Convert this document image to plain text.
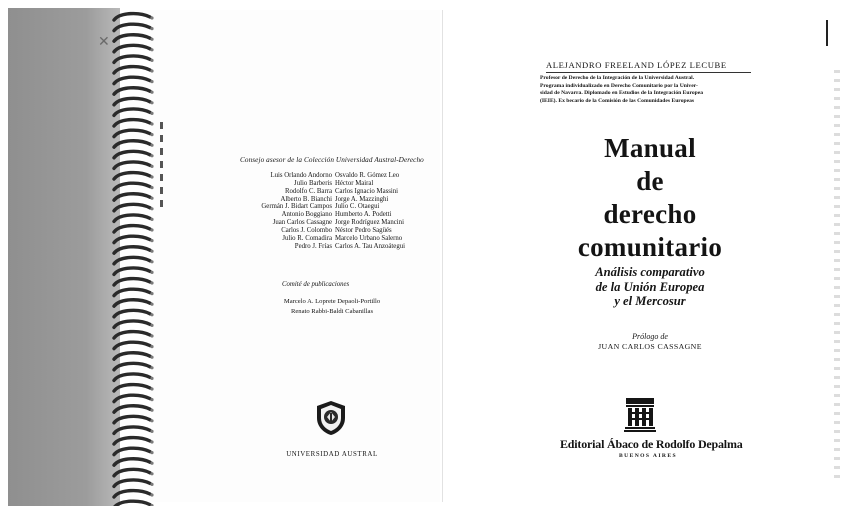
✕
Consejo asesor de la Colección Universidad Austral-Derecho
Luis Orlando Andorno
Julio Barberis
Rodolfo C. Barra
Alberto B. Bianchi
Germán J. Bidart Campos
Antonio Boggiano
Juan Carlos Cassagne
Carlos J. Colombo
Julio R. Comadira
Pedro J. Frías
Osvaldo R. Gómez Leo
Héctor Mairal
Carlos Ignacio Massini
Jorge A. Mazzinghi
Julio C. Otaegui
Humberto A. Podetti
Jorge Rodríguez Mancini
Néstor Pedro Sagüés
Marcelo Urbano Salerno
Carlos A. Tau Anzoátegui
Comité de publicaciones
Marcelo A. Loprete Depaoli-Portillo
Renato Rabbi-Baldi Cabanillas
UNIVERSIDAD AUSTRAL
ALEJANDRO FREELAND LÓPEZ LECUBE
Profesor de Derecho de la Integración de la Universidad Austral.
Programa individualizado en Derecho Comunitario por la Univer-
sidad de Navarra. Diplomado en Estudios de la Integración Europea
(IEIE). Ex becario de la Comisión de las Comunidades Europeas
Manual
de
derecho
comunitario
Análisis comparativo
de la Unión Europea
y el Mercosur
Prólogo de
JUAN CARLOS CASSAGNE
ABACO
Editorial Ábaco de Rodolfo Depalma
BUENOS AIRES
